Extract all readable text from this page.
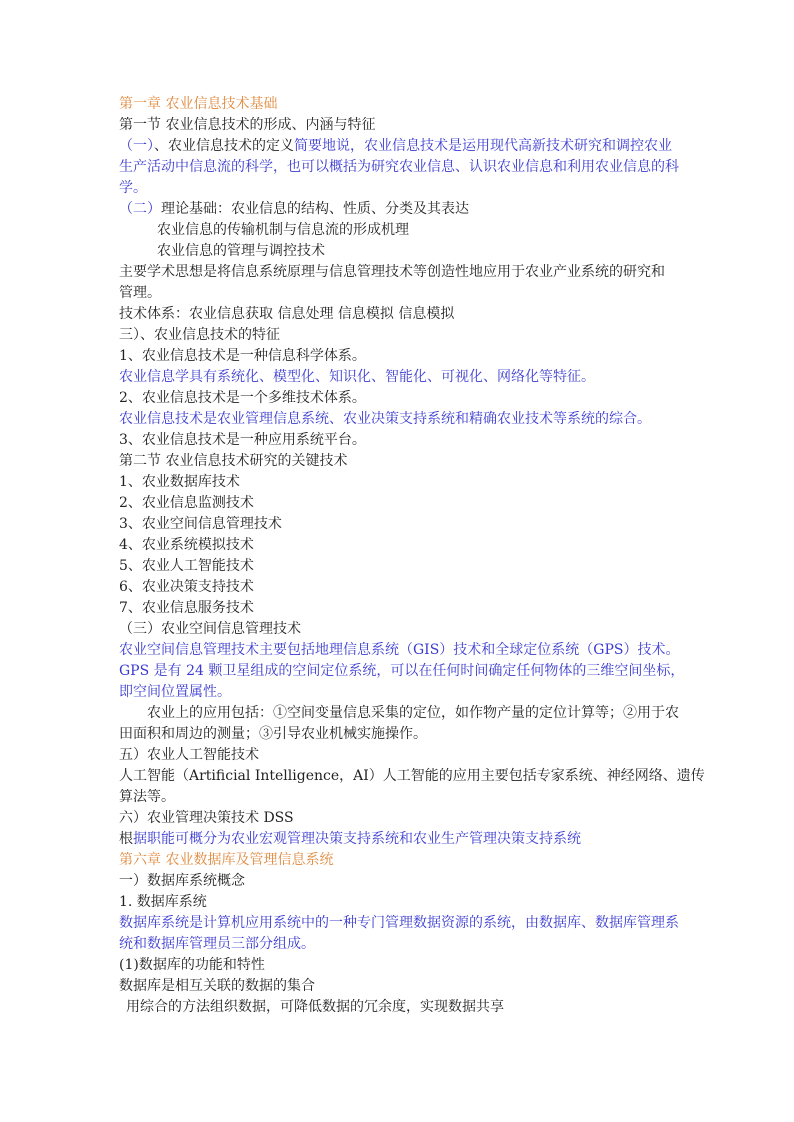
第一章 农业信息技术基础
第一节 农业信息技术的形成、内涵与特征
（一）、农业信息技术的定义简要地说，农业信息技术是运用现代高新技术研究和调控农业
生产活动中信息流的科学，也可以概括为研究农业信息、认识农业信息和利用农业信息的科
学。
（二）理论基础：农业信息的结构、性质、分类及其表达
农业信息的传输机制与信息流的形成机理
农业信息的管理与调控技术
主要学术思想是将信息系统原理与信息管理技术等创造性地应用于农业产业系统的研究和
管理。
技术体系：农业信息获取 信息处理 信息模拟 信息模拟
三）、农业信息技术的特征
1、农业信息技术是一种信息科学体系。
农业信息学具有系统化、模型化、知识化、智能化、可视化、网络化等特征。
2、农业信息技术是一个多维技术体系。
农业信息技术是农业管理信息系统、农业决策支持系统和精确农业技术等系统的综合。
3、农业信息技术是一种应用系统平台。
第二节 农业信息技术研究的关键技术
1、农业数据库技术
2、农业信息监测技术
3、农业空间信息管理技术
4、农业系统模拟技术
5、农业人工智能技术
6、农业决策支持技术
7、农业信息服务技术
（三）农业空间信息管理技术
农业空间信息管理技术主要包括地理信息系统（GIS）技术和全球定位系统（GPS）技术。
GPS 是有 24 颗卫星组成的空间定位系统，可以在任何时间确定任何物体的三维空间坐标，
即空间位置属性。
农业上的应用包括：①空间变量信息采集的定位，如作物产量的定位计算等；②用于农
田面积和周边的测量；③引导农业机械实施操作。
五）农业人工智能技术
人工智能（Artificial Intelligence，AI）人工智能的应用主要包括专家系统、神经网络、遗传
算法等。
六）农业管理决策技术 DSS
根据职能可概分为农业宏观管理决策支持系统和农业生产管理决策支持系统
第六章 农业数据库及管理信息系统
一）数据库系统概念
1. 数据库系统
数据库系统是计算机应用系统中的一种专门管理数据资源的系统，由数据库、数据库管理系
统和数据库管理员三部分组成。
(1)数据库的功能和特性
数据库是相互关联的数据的集合
用综合的方法组织数据，可降低数据的冗余度，实现数据共享
